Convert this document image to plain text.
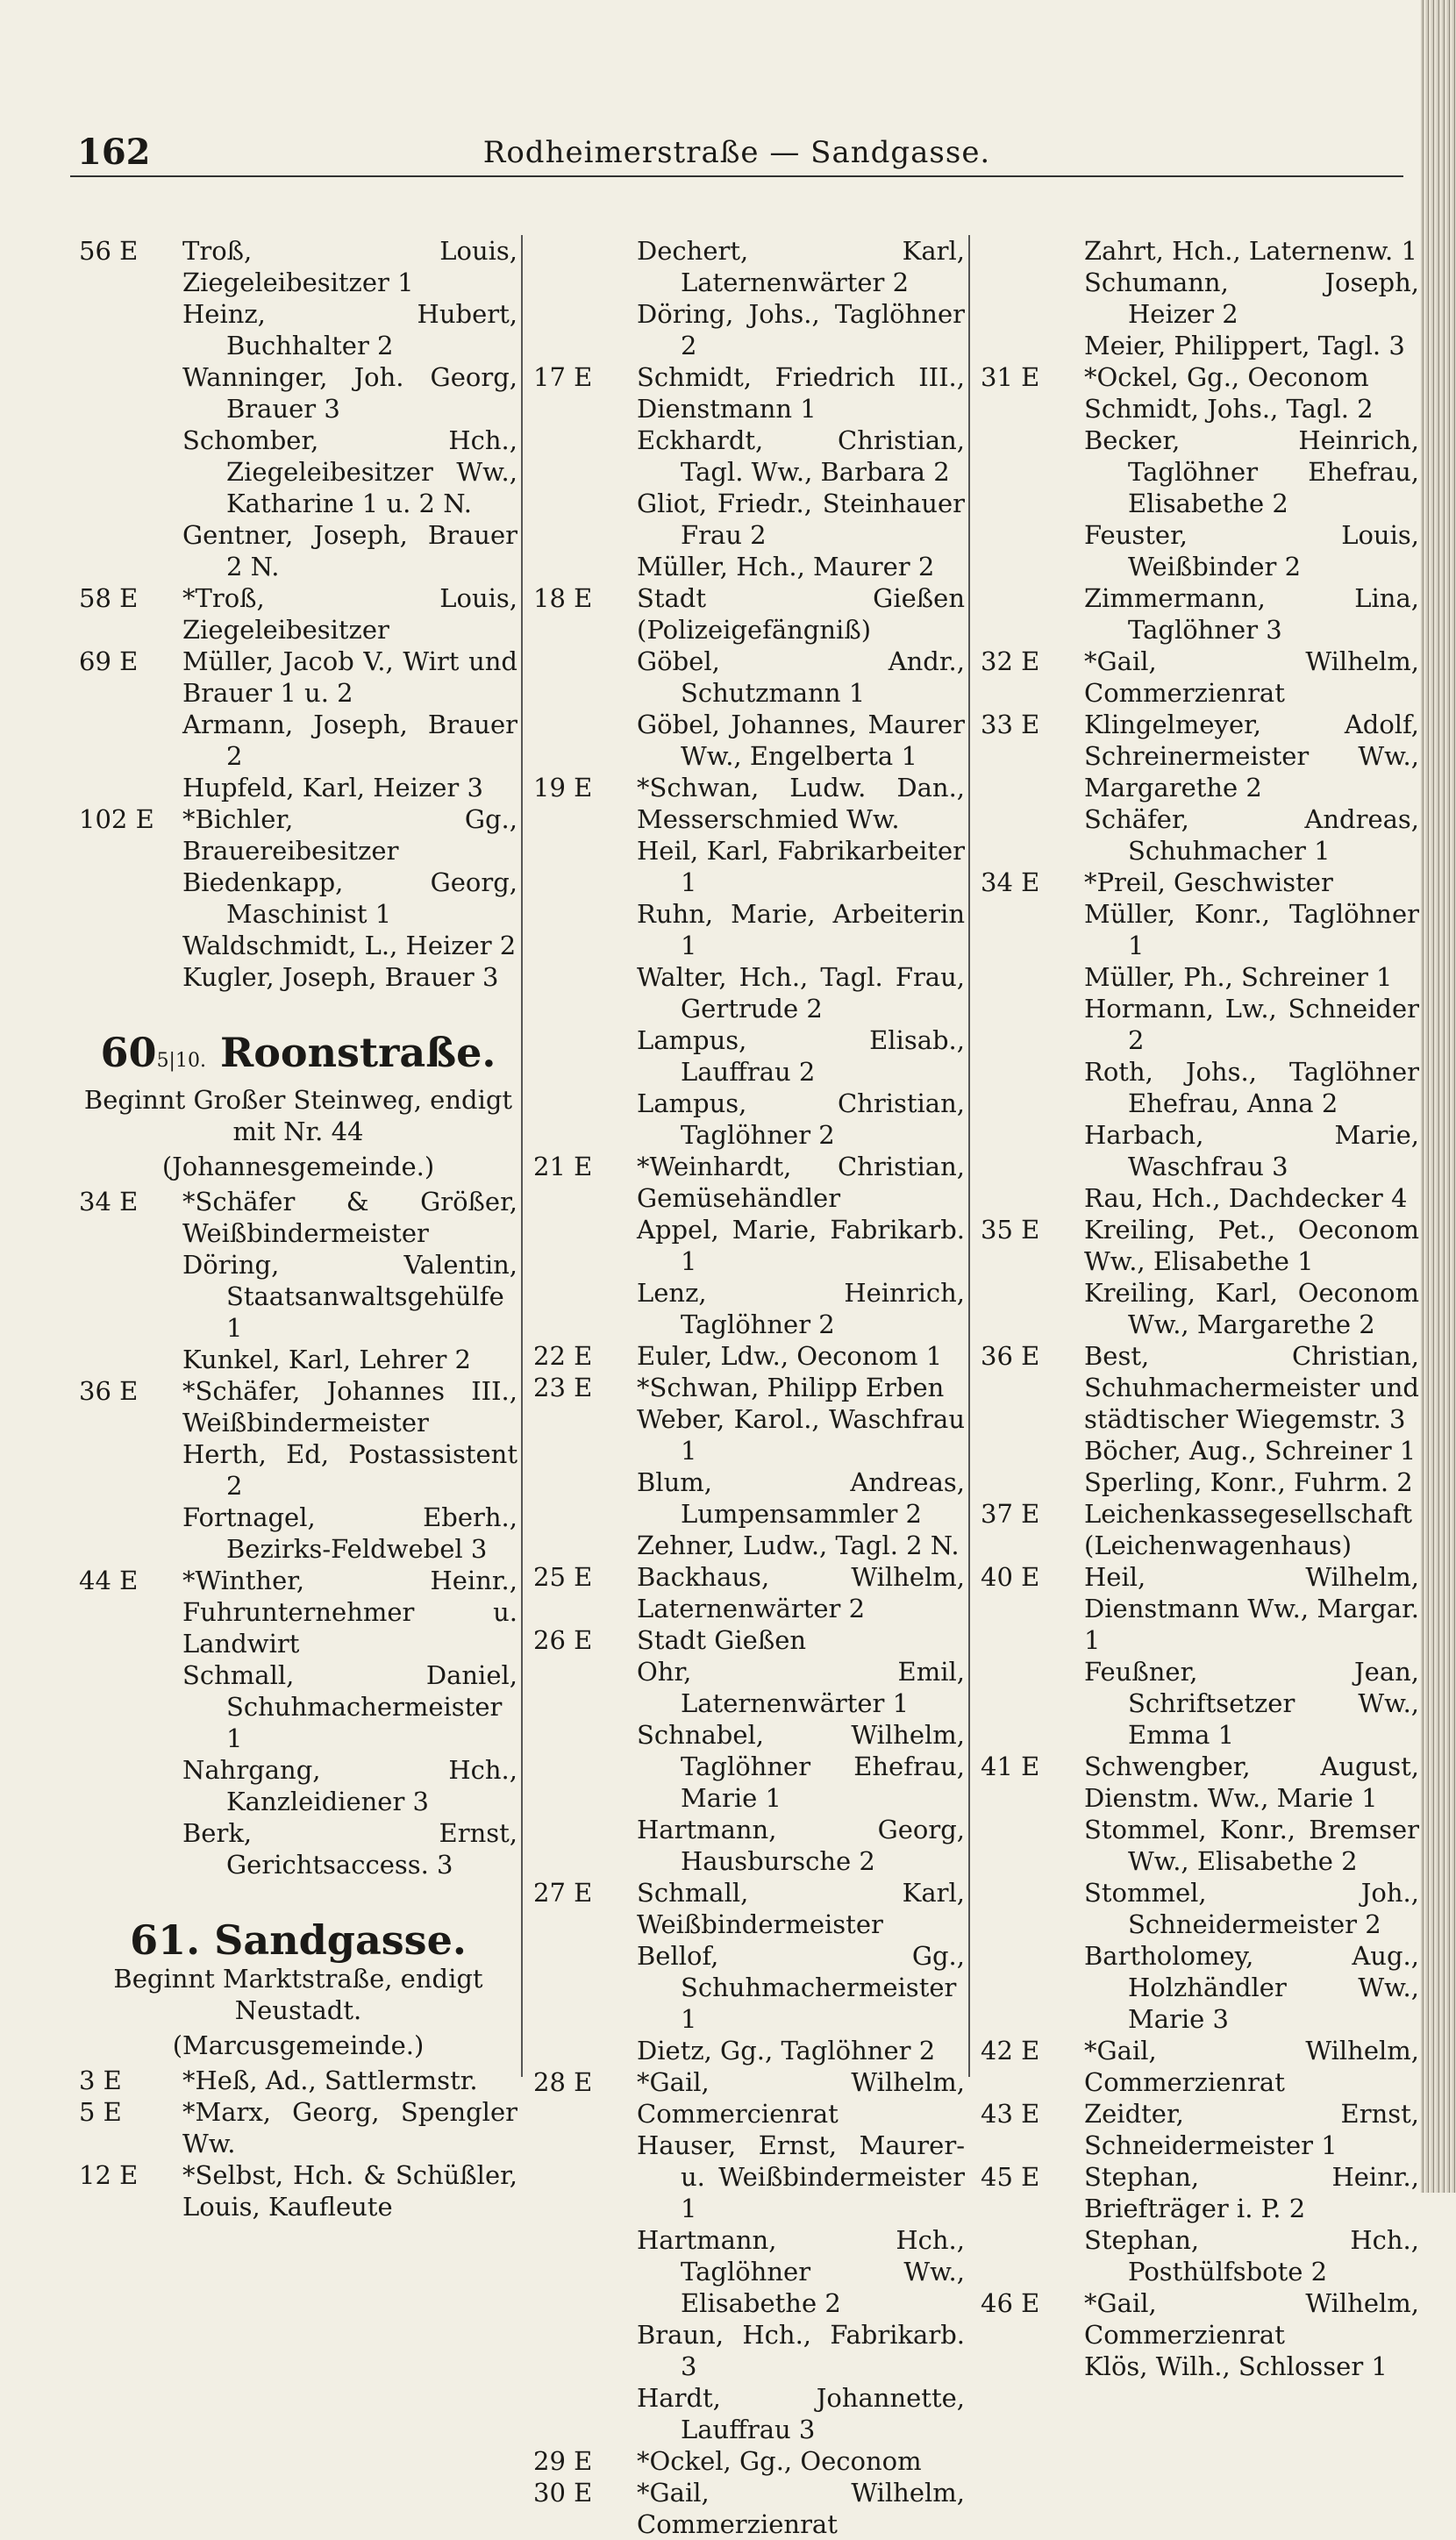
162	Rodheimerstraße — Sandgasse.
56 E	Troß, Louis, Ziegeleibesitzer 1
Heinz, Hubert, Buchhalter 2
Wanninger, Joh. Georg, Brauer 3
Schomber, Hch., Ziegeleibesitzer Ww., Katharine 1 u. 2 N.
Gentner, Joseph, Brauer 2 N.
58 E	*Troß, Louis, Ziegeleibesitzer
69 E	Müller, Jacob V., Wirt und Brauer 1 u. 2
Armann, Joseph, Brauer 2
Hupfeld, Karl, Heizer 3
102 E	*Bichler, Gg., Brauereibesitzer
Biedenkapp, Georg, Maschinist 1
Waldschmidt, L., Heizer 2
Kugler, Joseph, Brauer 3
605|10. Roonstraße.
Beginnt Großer Steinweg, endigt mit Nr. 44
(Johannesgemeinde.)
34 E	*Schäfer & Größer, Weißbindermeister
Döring, Valentin, Staatsanwaltsgehülfe 1
Kunkel, Karl, Lehrer 2
36 E	*Schäfer, Johannes III., Weißbindermeister
Herth, Ed, Postassistent 2
Fortnagel, Eberh., Bezirks-Feldwebel 3
44 E	*Winther, Heinr., Fuhrunternehmer u. Landwirt
Schmall, Daniel, Schuhmachermeister 1
Nahrgang, Hch., Kanzleidiener 3
Berk, Ernst, Gerichtsaccess. 3
61. Sandgasse.
Beginnt Marktstraße, endigt Neustadt.
(Marcusgemeinde.)
3 E	*Heß, Ad., Sattlermstr.
5 E	*Marx, Georg, Spengler Ww.
12 E	*Selbst, Hch. & Schüßler, Louis, Kaufleute
Dechert, Karl, Laternenwärter 2
Döring, Johs., Taglöhner 2
17 E	Schmidt, Friedrich III., Dienstmann 1
Eckhardt, Christian, Tagl. Ww., Barbara 2
Gliot, Friedr., Steinhauer Frau 2
Müller, Hch., Maurer 2
18 E	Stadt Gießen (Polizeigefängniß)
Göbel, Andr., Schutzmann 1
Göbel, Johannes, Maurer Ww., Engelberta 1
19 E	*Schwan, Ludw. Dan., Messerschmied Ww.
Heil, Karl, Fabrikarbeiter 1
Ruhn, Marie, Arbeiterin 1
Walter, Hch., Tagl. Frau, Gertrude 2
Lampus, Elisab., Lauffrau 2
Lampus, Christian, Taglöhner 2
21 E	*Weinhardt, Christian, Gemüsehändler
Appel, Marie, Fabrikarb. 1
Lenz, Heinrich, Taglöhner 2
22 E	Euler, Ldw., Oeconom 1
23 E	*Schwan, Philipp Erben
Weber, Karol., Waschfrau 1
Blum, Andreas, Lumpensammler 2
Zehner, Ludw., Tagl. 2 N.
25 E	Backhaus, Wilhelm, Laternenwärter 2
26 E	Stadt Gießen
Ohr, Emil, Laternenwärter 1
Schnabel, Wilhelm, Taglöhner Ehefrau, Marie 1
Hartmann, Georg, Hausbursche 2
27 E	Schmall, Karl, Weißbindermeister
Bellof, Gg., Schuhmachermeister 1
Dietz, Gg., Taglöhner 2
28 E	*Gail, Wilhelm, Commercienrat
Hauser, Ernst, Maurer- u. Weißbindermeister 1
Hartmann, Hch., Taglöhner Ww., Elisabethe 2
Braun, Hch., Fabrikarb. 3
Hardt, Johannette, Lauffrau 3
29 E	*Ockel, Gg., Oeconom
30 E	*Gail, Wilhelm, Commerzienrat
Zahrt, Hch., Laternenw. 1
Schumann, Joseph, Heizer 2
Meier, Philippert, Tagl. 3
31 E	*Ockel, Gg., Oeconom
Schmidt, Johs., Tagl. 2
Becker, Heinrich, Taglöhner Ehefrau, Elisabethe 2
Feuster, Louis, Weißbinder 2
Zimmermann, Lina, Taglöhner 3
32 E	*Gail, Wilhelm, Commerzienrat
33 E	Klingelmeyer, Adolf, Schreinermeister Ww., Margarethe 2
Schäfer, Andreas, Schuhmacher 1
34 E	*Preil, Geschwister
Müller, Konr., Taglöhner 1
Müller, Ph., Schreiner 1
Hormann, Lw., Schneider 2
Roth, Johs., Taglöhner Ehefrau, Anna 2
Harbach, Marie, Waschfrau 3
Rau, Hch., Dachdecker 4
35 E	Kreiling, Pet., Oeconom Ww., Elisabethe 1
Kreiling, Karl, Oeconom Ww., Margarethe 2
36 E	Best, Christian, Schuhmachermeister und städtischer Wiegemstr. 3
Böcher, Aug., Schreiner 1
Sperling, Konr., Fuhrm. 2
37 E	Leichenkassegesellschaft (Leichenwagenhaus)
40 E	Heil, Wilhelm, Dienstmann Ww., Margar. 1
Feußner, Jean, Schriftsetzer Ww., Emma 1
41 E	Schwengber, August, Dienstm. Ww., Marie 1
Stommel, Konr., Bremser Ww., Elisabethe 2
Stommel, Joh., Schneidermeister 2
Bartholomey, Aug., Holzhändler Ww., Marie 3
42 E	*Gail, Wilhelm, Commerzienrat
43 E	Zeidter, Ernst, Schneidermeister 1
45 E	Stephan, Heinr., Briefträger i. P. 2
Stephan, Hch., Posthülfsbote 2
46 E	*Gail, Wilhelm, Commerzienrat
Klös, Wilh., Schlosser 1
